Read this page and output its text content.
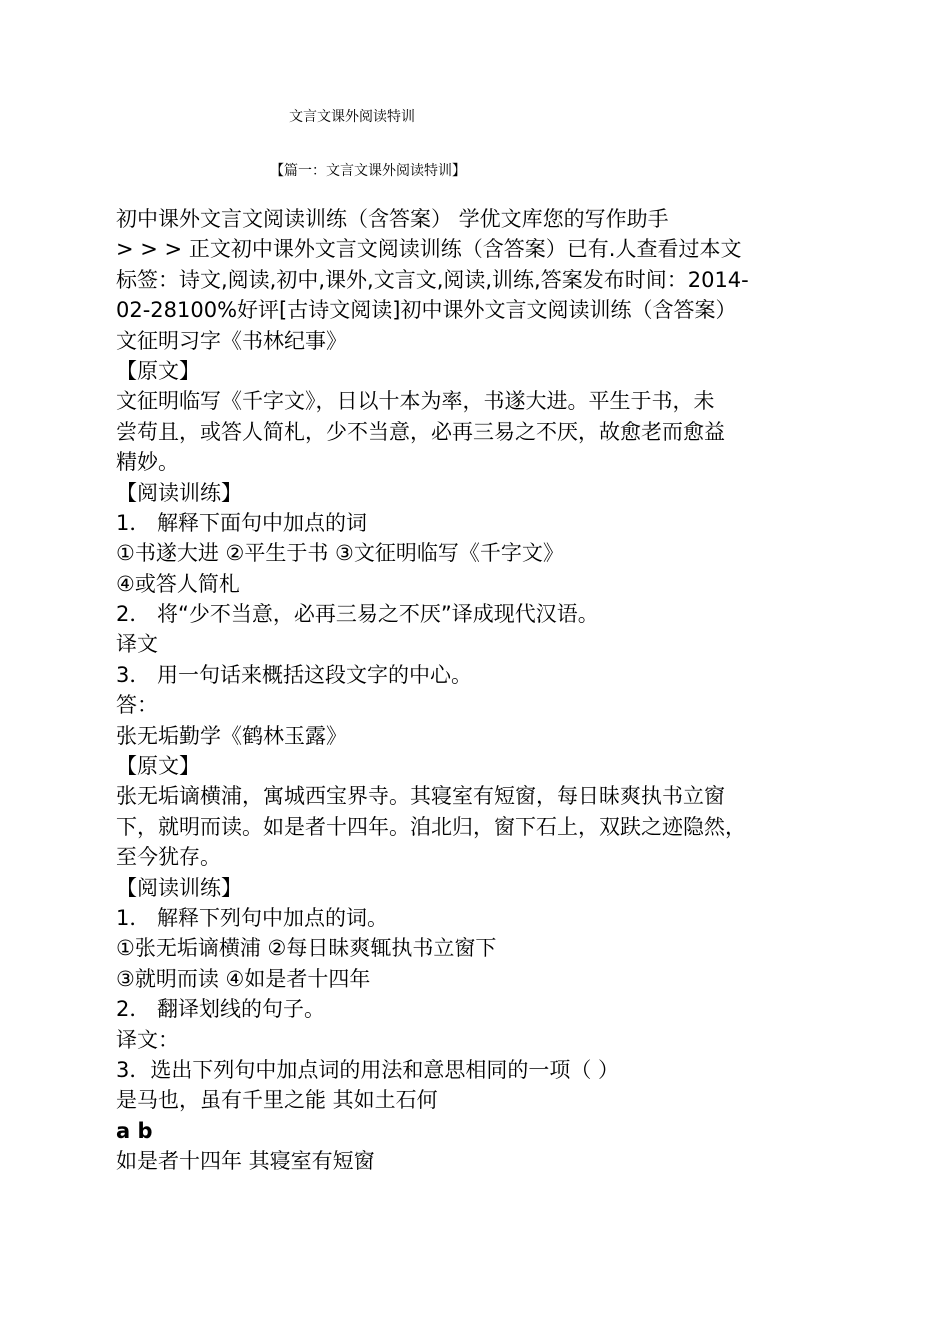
文言文课外阅读特训
【篇一：文言文课外阅读特训】
初中课外文言文阅读训练（含答案） 学优文库您的写作助手
> > > 正文初中课外文言文阅读训练（含答案）已有.人查看过本文
标签：诗文,阅读,初中,课外,文言文,阅读,训练,答案发布时间：2014-
02-28100%好评[古诗文阅读]初中课外文言文阅读训练（含答案）
文征明习字《书林纪事》
【原文】
文征明临写《千字文》，日以十本为率，书遂大进。平生于书，未
尝苟且，或答人简札，少不当意，必再三易之不厌，故愈老而愈益
精妙。
【阅读训练】
1． 解释下面句中加点的词
①书遂大进 ②平生于书 ③文征明临写《千字文》
④或答人简札
2． 将“少不当意，必再三易之不厌”译成现代汉语。
译文
3． 用一句话来概括这段文字的中心。
答：
张无垢勤学《鹤林玉露》
【原文】
张无垢谪横浦，寓城西宝界寺。其寝室有短窗，每日昧爽执书立窗
下，就明而读。如是者十四年。洎北归，窗下石上，双趺之迹隐然，
至今犹存。
【阅读训练】
1． 解释下列句中加点的词。
①张无垢谪横浦 ②每日昧爽辄执书立窗下
③就明而读 ④如是者十四年
2． 翻译划线的句子。
译文：
3．选出下列句中加点词的用法和意思相同的一项（ ）
是马也，虽有千里之能 其如土石何
a b
如是者十四年 其寝室有短窗
